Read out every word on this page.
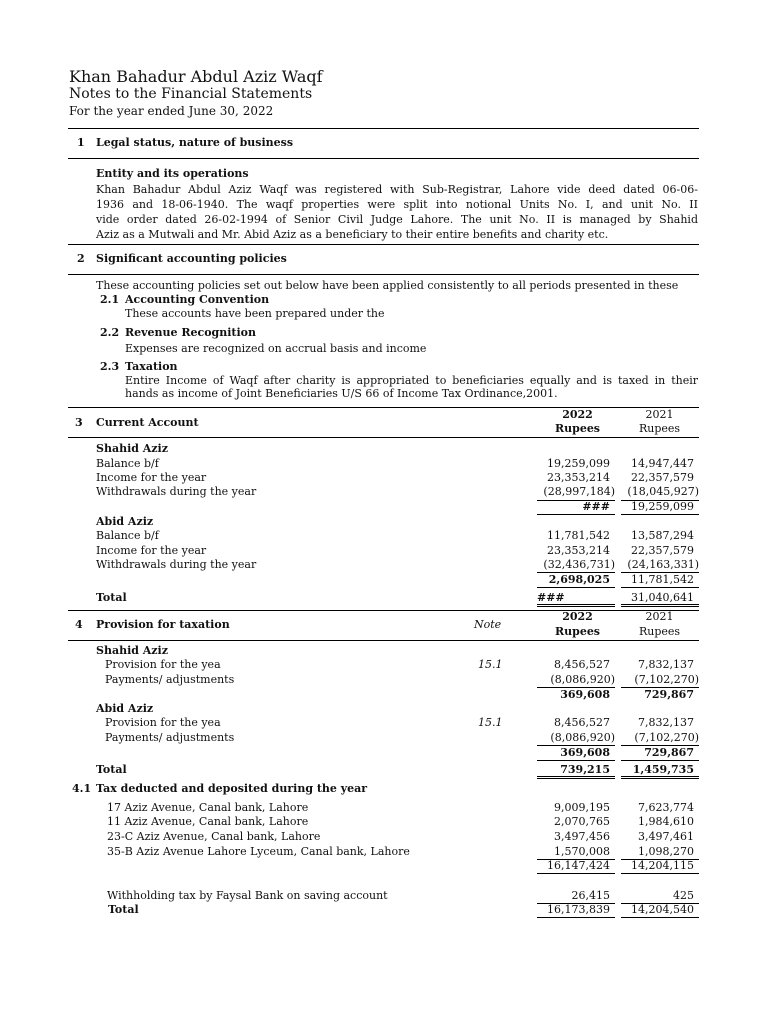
Khan Bahadur Abdul Aziz Waqf
Notes to the Financial Statements
For the year ended June 30, 2022
1 Legal status, nature of business
Entity and its operations
Khan Bahadur Abdul Aziz Waqf was registered with Sub-Registrar, Lahore vide deed dated 06-06-
1936 and 18-06-1940. The waqf properties were split into notional Units No. I, and unit No. II
vide order dated 26-02-1994 of Senior Civil Judge Lahore. The unit No. II is managed by Shahid
Aziz as a Mutwali and Mr. Abid Aziz as a beneficiary to their entire benefits and charity etc.
2 Significant accounting policies
These accounting policies set out below have been applied consistently to all periods presented in these
2.1 Accounting Convention
These accounts have been prepared under the
2.2 Revenue Recognition
Expenses are recognized on accrual basis and income
2.3 Taxation
Entire Income of Waqf after charity is appropriated to beneficiaries equally and is taxed in their
hands as income of Joint Beneficiaries U/S 66 of Income Tax Ordinance,2001.
3 Current Account
2022	2021
Rupees	Rupees
Shahid Aziz
Balance b/f	19,259,099	14,947,447
Income for the year	23,353,214	22,357,579
Withdrawals during the year	(28,997,184)	(18,045,927)
###	19,259,099
Abid Aziz
Balance b/f	11,781,542	13,587,294
Income for the year	23,353,214	22,357,579
Withdrawals during the year	(32,436,731)	(24,163,331)
2,698,025	11,781,542
Total	###	31,040,641
4 Provision for taxation	Note
2022	2021
Rupees	Rupees
Shahid Aziz
Provision for the yea	15.1	8,456,527	7,832,137
Payments/ adjustments	(8,086,920)	(7,102,270)
369,608	729,867
Abid Aziz
Provision for the yea	15.1	8,456,527	7,832,137
Payments/ adjustments	(8,086,920)	(7,102,270)
369,608	729,867
Total	739,215	1,459,735
4.1 Tax deducted and deposited during the year
17 Aziz Avenue, Canal bank, Lahore	9,009,195	7,623,774
11 Aziz Avenue, Canal bank, Lahore	2,070,765	1,984,610
23-C Aziz Avenue, Canal bank, Lahore	3,497,456	3,497,461
35-B Aziz Avenue Lahore Lyceum, Canal bank, Lahore	1,570,008	1,098,270
16,147,424	14,204,115
Withholding tax by Faysal Bank on saving account	26,415	425
Total	16,173,839	14,204,540
